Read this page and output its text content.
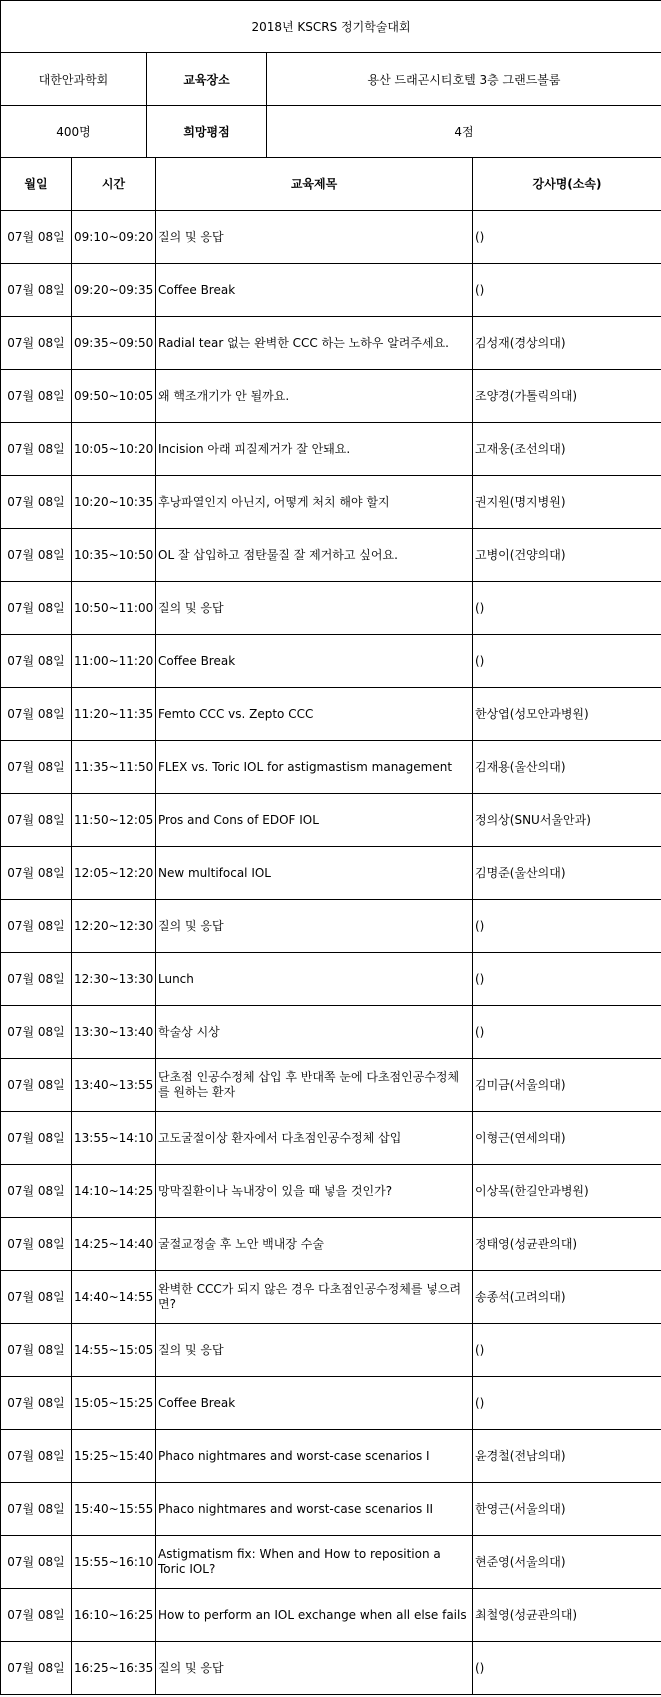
2018년 KSCRS 정기학술대회		
대한안과학회	교육장소	용산 드래곤시티호텔 3층 그랜드볼룸
400명	희망평점	4점
월일	시간	교육제목	강사명(소속)
07월 08일	09:10~09:20	질의 및 응답	()
07월 08일	09:20~09:35	Coffee Break	()
07월 08일	09:35~09:50	Radial tear 없는 완벽한 CCC 하는 노하우 알려주세요.	김성재(경상의대)
07월 08일	09:50~10:05	왜 핵조개기가 안 될까요.	조양경(가톨릭의대)
07월 08일	10:05~10:20	Incision 아래 피질제거가 잘 안돼요.	고재웅(조선의대)
07월 08일	10:20~10:35	후낭파열인지 아닌지, 어떻게 처치 해야 할지	권지원(명지병원)
07월 08일	10:35~10:50	OL 잘 삽입하고 점탄물질 잘 제거하고 싶어요.	고병이(건양의대)
07월 08일	10:50~11:00	질의 및 응답	()
07월 08일	11:00~11:20	Coffee Break	()
07월 08일	11:20~11:35	Femto CCC vs. Zepto CCC	한상엽(성모안과병원)
07월 08일	11:35~11:50	FLEX vs. Toric IOL for astigmastism management	김재용(울산의대)
07월 08일	11:50~12:05	Pros and Cons of EDOF IOL	정의상(SNU서울안과)
07월 08일	12:05~12:20	New multifocal IOL	김명준(울산의대)
07월 08일	12:20~12:30	질의 및 응답	()
07월 08일	12:30~13:30	Lunch	()
07월 08일	13:30~13:40	학술상 시상	()
07월 08일	13:40~13:55	단초점 인공수정체 삽입 후 반대쪽 눈에 다초점인공수정체를 원하는 환자	김미금(서울의대)
07월 08일	13:55~14:10	고도굴절이상 환자에서 다초점인공수정체 삽입	이형근(연세의대)
07월 08일	14:10~14:25	망막질환이나 녹내장이 있을 때 넣을 것인가?	이상목(한길안과병원)
07월 08일	14:25~14:40	굴절교정술 후 노안 백내장 수술	정태영(성균관의대)
07월 08일	14:40~14:55	완벽한 CCC가 되지 않은 경우 다초점인공수정체를 넣으려면?	송종석(고려의대)
07월 08일	14:55~15:05	질의 및 응답	()
07월 08일	15:05~15:25	Coffee Break	()
07월 08일	15:25~15:40	Phaco nightmares and worst-case scenarios I	윤경철(전남의대)
07월 08일	15:40~15:55	Phaco nightmares and worst-case scenarios II	한영근(서울의대)
07월 08일	15:55~16:10	Astigmatism fix: When and How to reposition a Toric IOL?	현준영(서울의대)
07월 08일	16:10~16:25	How to perform an IOL exchange when all else fails	최철영(성균관의대)
07월 08일	16:25~16:35	질의 및 응답	()
